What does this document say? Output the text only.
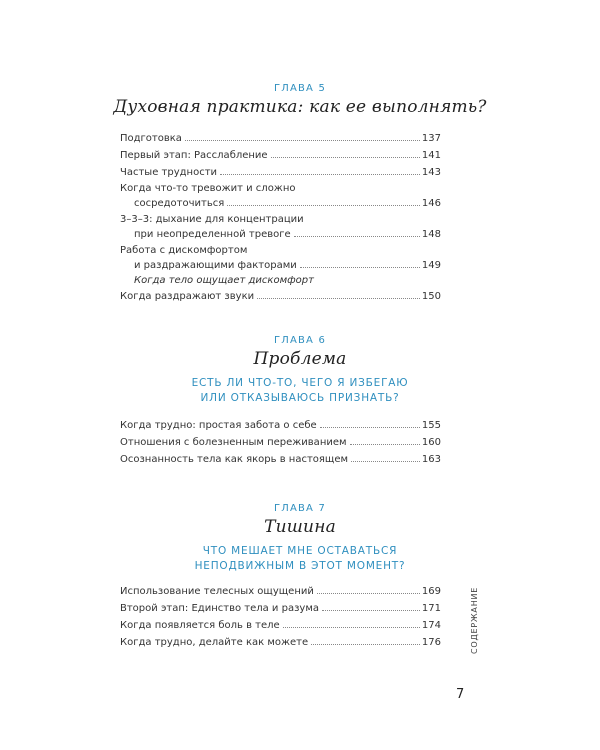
ГЛАВА 5
Духовная практика: как ее выполнять?
Подготовка	137
Первый этап: Расслабление	141
Частые трудности	143
Когда что-то тревожит и сложно
сосредоточиться	146
3–3–3: дыхание для концентрации
при неопределенной тревоге	148
Работа с дискомфортом
и раздражающими факторами	149
Когда тело ощущает дискомфорт
Когда раздражают звуки	150
ГЛАВА 6
Проблема
ЕСТЬ ЛИ ЧТО-ТО, ЧЕГО Я ИЗБЕГАЮ
ИЛИ ОТКАЗЫВАЮСЬ ПРИЗНАТЬ?
Когда трудно: простая забота о себе	155
Отношения с болезненным переживанием	160
Осознанность тела как якорь в настоящем	163
ГЛАВА 7
Тишина
ЧТО МЕШАЕТ МНЕ ОСТАВАТЬСЯ
НЕПОДВИЖНЫМ В ЭТОТ МОМЕНТ?
Использование телесных ощущений	169
Второй этап: Единство тела и разума	171
Когда появляется боль в теле	174
Когда трудно, делайте как можете	176	СОДЕРЖАНИЕ
7
